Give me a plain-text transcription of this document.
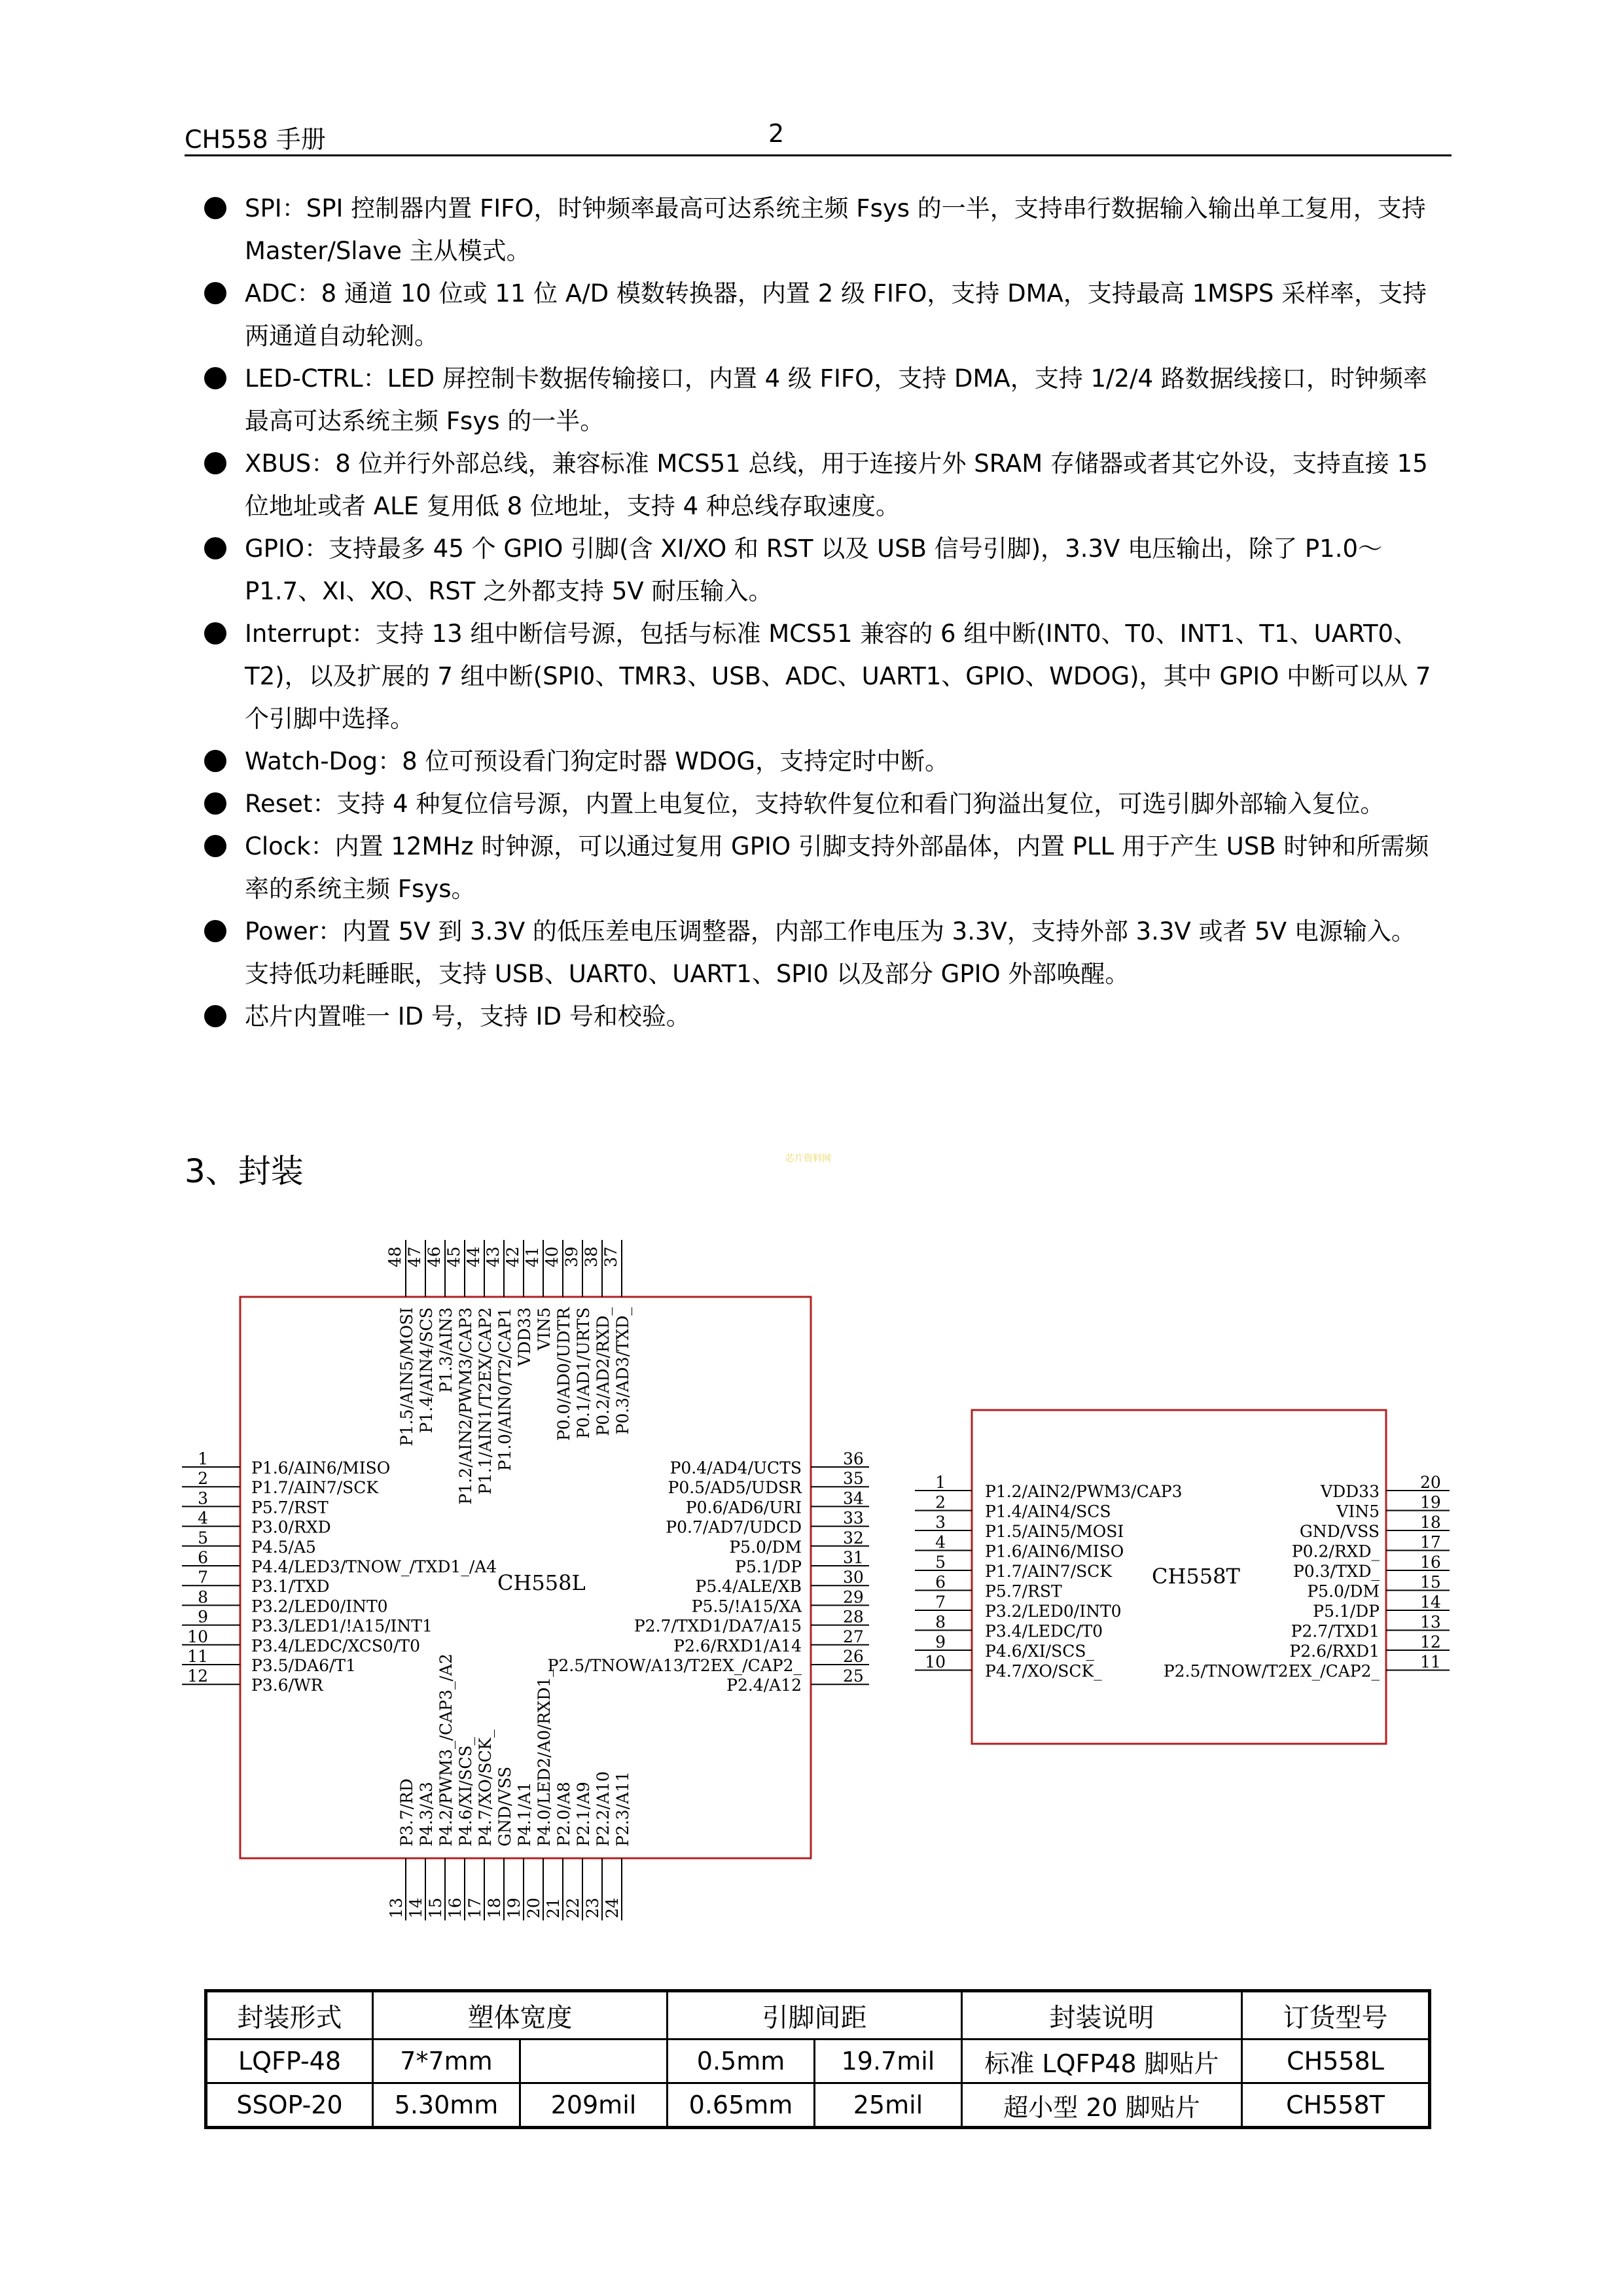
CH558 手册	2
SPI：SPI 控制器内置 FIFO，时钟频率最高可达系统主频 Fsys 的一半，支持串行数据输入输出单工复用，支持 Master/Slave 主从模式。
ADC：8 通道 10 位或 11 位 A/D 模数转换器，内置 2 级 FIFO，支持 DMA，支持最高 1MSPS 采样率，支持两通道自动轮测。
LED-CTRL：LED 屏控制卡数据传输接口，内置 4 级 FIFO，支持 DMA，支持 1/2/4 路数据线接口，时钟频率最高可达系统主频 Fsys 的一半。
XBUS：8 位并行外部总线，兼容标准 MCS51 总线，用于连接片外 SRAM 存储器或者其它外设，支持直接 15 位地址或者 ALE 复用低 8 位地址，支持 4 种总线存取速度。
GPIO：支持最多 45 个 GPIO 引脚(含 XI/XO 和 RST 以及 USB 信号引脚)，3.3V 电压输出，除了 P1.0～P1.7、XI、XO、RST 之外都支持 5V 耐压输入。
Interrupt：支持 13 组中断信号源，包括与标准 MCS51 兼容的 6 组中断(INT0、T0、INT1、T1、UART0、T2)，以及扩展的 7 组中断(SPI0、TMR3、USB、ADC、UART1、GPIO、WDOG)，其中 GPIO 中断可以从 7 个引脚中选择。
Watch-Dog：8 位可预设看门狗定时器 WDOG，支持定时中断。
Reset：支持 4 种复位信号源，内置上电复位，支持软件复位和看门狗溢出复位，可选引脚外部输入复位。
Clock：内置 12MHz 时钟源，可以通过复用 GPIO 引脚支持外部晶体，内置 PLL 用于产生 USB 时钟和所需频率的系统主频 Fsys。
Power：内置 5V 到 3.3V 的低压差电压调整器，内部工作电压为 3.3V，支持外部 3.3V 或者 5V 电源输入。支持低功耗睡眠，支持 USB、UART0、UART1、SPI0 以及部分 GPIO 外部唤醒。
芯片内置唯一 ID 号，支持 ID 号和校验。
3、封装	芯片资料网
CH558L
1	P1.6/AIN6/MISO
2	P1.7/AIN7/SCK
3	P5.7/RST
4	P3.0/RXD
5	P4.5/A5
6	P4.4/LED3/TNOW_/TXD1_/A4
7	P3.1/TXD
8	P3.2/LED0/INT0
9	P3.3/LED1/!A15/INT1
10	P3.4/LEDC/XCS0/T0
11	P3.5/DA6/T1
12	P3.6/WR
36
P0.4/AD4/UCTS
35
P0.5/AD5/UDSR
34
P0.6/AD6/URI
33
P0.7/AD7/UDCD
32
P5.0/DM
31
P5.1/DP
30
P5.4/ALE/XB
29
P5.5/!A15/XA
28
P2.7/TXD1/DA7/A15
27
P2.6/RXD1/A14
26
P2.5/TNOW/A13/T2EX_/CAP2_
25
P2.4/A12
48
P1.5/AIN5/MOSI
47
P1.4/AIN4/SCS
46
P1.3/AIN3
45
P1.2/AIN2/PWM3/CAP3
44
P1.1/AIN1/T2EX/CAP2
43
P1.0/AIN0/T2/CAP1
42
VDD33
41
VIN5
40
P0.0/AD0/UDTR
39
P0.1/AD1/URTS
38
P0.2/AD2/RXD_
37
P0.3/AD3/TXD_
P3.7/RD
13
P4.3/A3
14
P4.2/PWM3_/CAP3_/A2
15
P4.6/XI/SCS_
16
P4.7/XO/SCK_
17
GND/VSS
18
P4.1/A1
19
P4.0/LED2/A0/RXD1_
20
P2.0/A8
21
P2.1/A9
22
P2.2/A10
23
P2.3/A11
24
CH558T
1 P1.2/AIN2/PWM3/CAP3
2 P1.4/AIN4/SCS
3 P1.5/AIN5/MOSI
4 P1.6/AIN6/MISO
5 P1.7/AIN7/SCK
6 P5.7/RST
7 P3.2/LED0/INT0
8 P3.4/LEDC/T0
9 P4.6/XI/SCS_
10 P4.7/XO/SCK_
20
VDD33
19
VIN5
18
GND/VSS
17
P0.2/RXD_
16
P0.3/TXD_
15
P5.0/DM
14
P5.1/DP
13
P2.7/TXD1
12
P2.6/RXD1
11
P2.5/TNOW/T2EX_/CAP2_
封装形式	塑体宽度		引脚间距		封装说明	订货型号
LQFP-48	7*7mm		0.5mm	19.7mil	标准 LQFP48 脚贴片	CH558L
SSOP-20	5.30mm	209mil	0.65mm	25mil	超小型 20 脚贴片	CH558T
